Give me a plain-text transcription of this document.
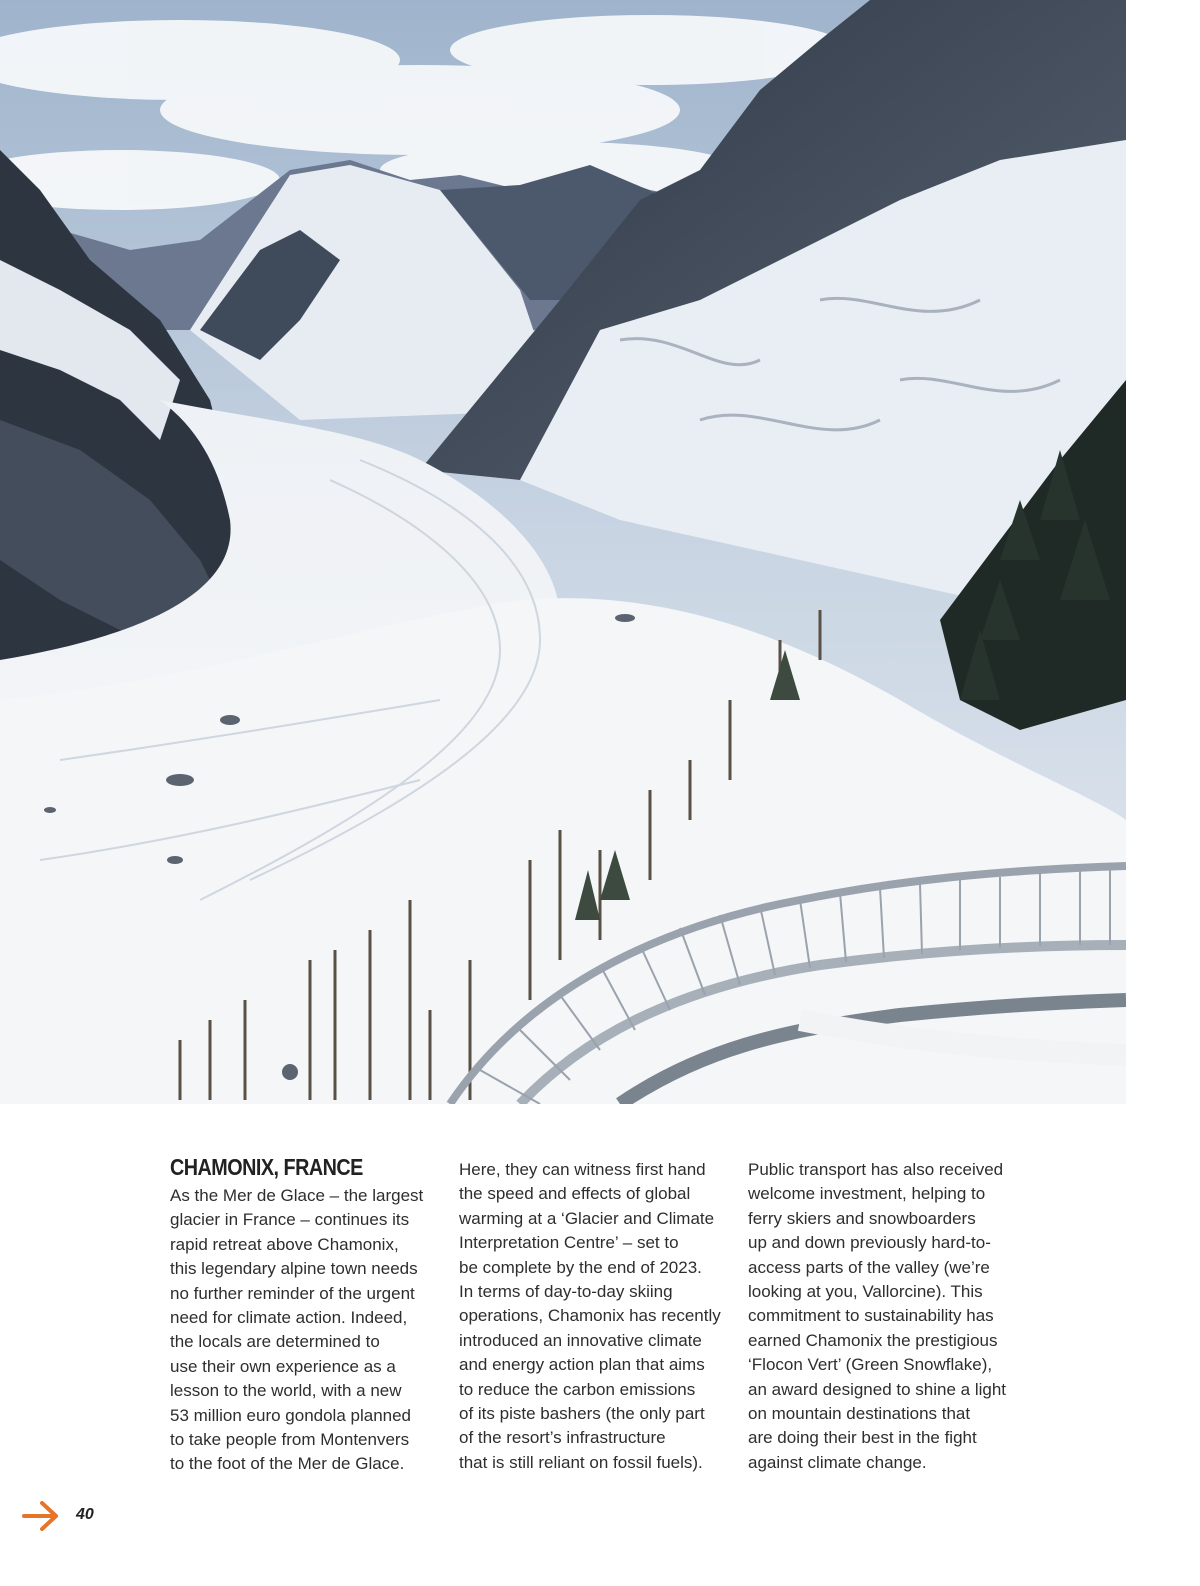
CHAMONIX, FRANCE

As the Mer de Glace – the largest
glacier in France – continues its
rapid retreat above Chamonix,
this legendary alpine town needs
no further reminder of the urgent
need for climate action. Indeed,
the locals are determined to
use their own experience as a
lesson to the world, with a new
53 million euro gondola planned
to take people from Montenvers
to the foot of the Mer de Glace.

Here, they can witness first hand
the speed and effects of global
warming at a ‘Glacier and Climate
Interpretation Centre’ – set to
be complete by the end of 2023.
In terms of day-to-day skiing
operations, Chamonix has recently
introduced an innovative climate
and energy action plan that aims
to reduce the carbon emissions
of its piste bashers (the only part
of the resort’s infrastructure
that is still reliant on fossil fuels).

Public transport has also received
welcome investment, helping to
ferry skiers and snowboarders
up and down previously hard-to-
access parts of the valley (we’re
looking at you, Vallorcine). This
commitment to sustainability has
earned Chamonix the prestigious
‘Flocon Vert’ (Green Snowflake),
an award designed to shine a light
on mountain destinations that
are doing their best in the fight
against climate change.

40
